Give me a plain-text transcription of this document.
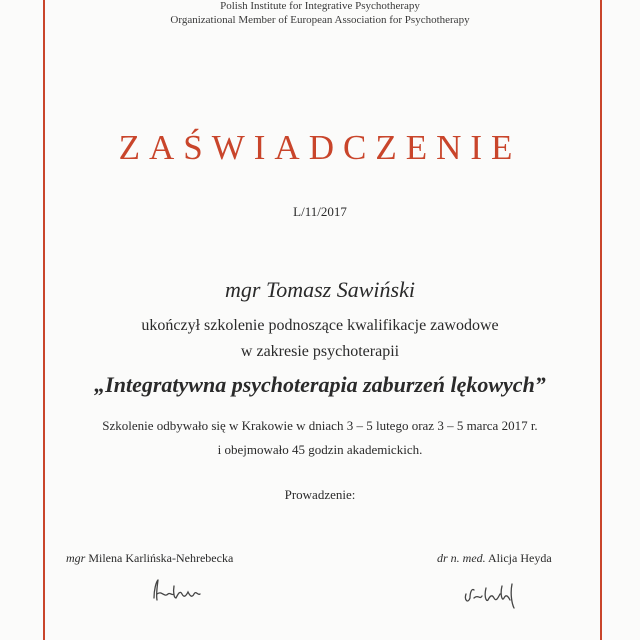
Polish Institute for Integrative Psychotherapy
Organizational Member of European Association for Psychotherapy
ZAŚWIADCZENIE
L/11/2017
mgr Tomasz Sawiński
ukończył szkolenie podnoszące kwalifikacje zawodowe
w zakresie psychoterapii
„Integratywna psychoterapia zaburzeń lękowych”
Szkolenie odbywało się w Krakowie w dniach 3 – 5 lutego oraz 3 – 5 marca 2017 r.
i obejmowało 45 godzin akademickich.
Prowadzenie:
mgr Milena Karlińska-Nehrebecka	dr n. med. Alicja Heyda
